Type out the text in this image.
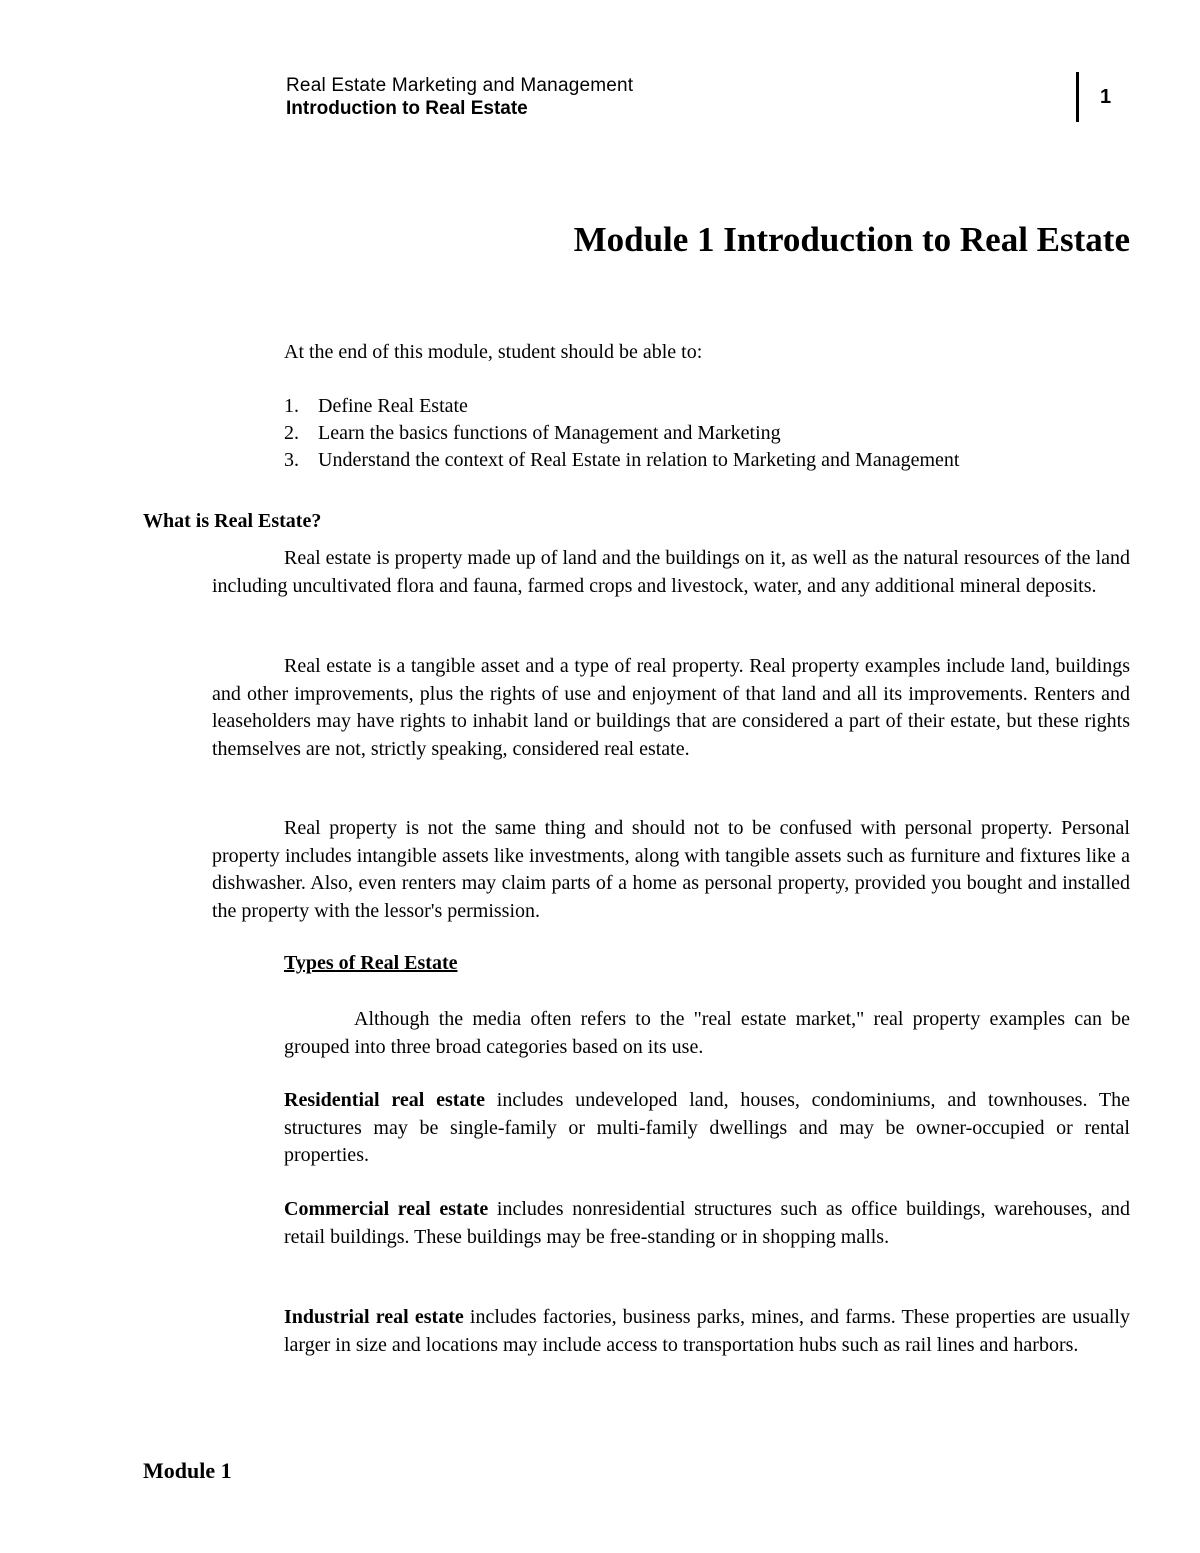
Real Estate Marketing and Management
Introduction to Real Estate
1
Module 1 Introduction to Real Estate
At the end of this module, student should be able to:
1. Define Real Estate
2. Learn the basics functions of Management and Marketing
3. Understand the context of Real Estate in relation to Marketing and Management
What is Real Estate?
Real estate is property made up of land and the buildings on it, as well as the natural resources of the land including uncultivated flora and fauna, farmed crops and livestock, water, and any additional mineral deposits.
Real estate is a tangible asset and a type of real property. Real property examples include land, buildings and other improvements, plus the rights of use and enjoyment of that land and all its improvements. Renters and leaseholders may have rights to inhabit land or buildings that are considered a part of their estate, but these rights themselves are not, strictly speaking, considered real estate.
Real property is not the same thing and should not to be confused with personal property. Personal property includes intangible assets like investments, along with tangible assets such as furniture and fixtures like a dishwasher. Also, even renters may claim parts of a home as personal property, provided you bought and installed the property with the lessor's permission.
Types of Real Estate
Although the media often refers to the "real estate market," real property examples can be grouped into three broad categories based on its use.
Residential real estate includes undeveloped land, houses, condominiums, and townhouses. The structures may be single-family or multi-family dwellings and may be owner-occupied or rental properties.
Commercial real estate includes nonresidential structures such as office buildings, warehouses, and retail buildings. These buildings may be free-standing or in shopping malls.
Industrial real estate includes factories, business parks, mines, and farms. These properties are usually larger in size and locations may include access to transportation hubs such as rail lines and harbors.
Module 1
